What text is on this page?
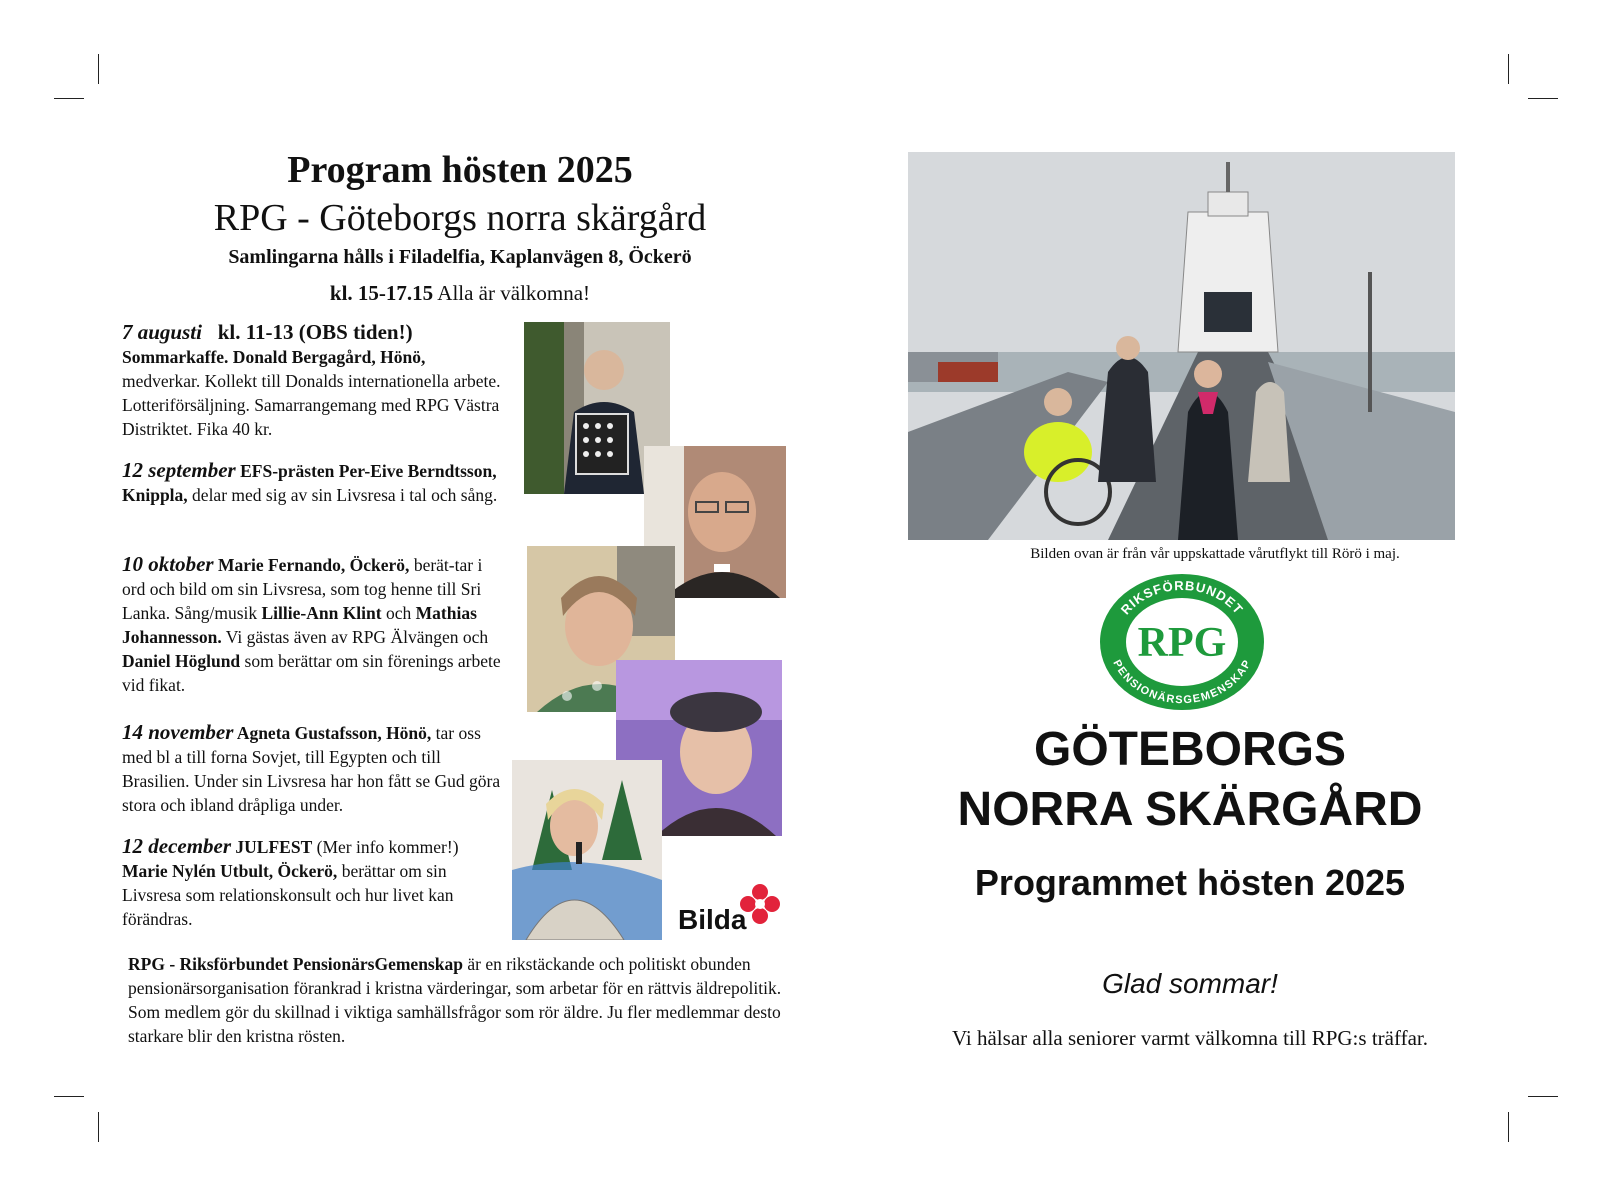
Program hösten 2025
RPG - Göteborgs norra skärgård
Samlingarna hålls i Filadelfia, Kaplanvägen 8, Öckerö
kl. 15-17.15 Alla är välkomna!
7 augusti   kl. 11-13 (OBS tiden!)
Sommarkaffe. Donald Bergagård, Hönö, medverkar. Kollekt till Donalds internationella arbete. Lotteriförsäljning. Samarrangemang med RPG Västra Distriktet. Fika 40 kr.
12 september EFS-prästen Per-Eive Berndtsson, Knippla, delar med sig av sin Livsresa i tal och sång.
10 oktober Marie Fernando, Öckerö, berät-tar i ord och bild om sin Livsresa, som tog henne till Sri Lanka. Sång/musik Lillie-Ann Klint och Mathias Johannesson. Vi gästas även av RPG Älvängen och Daniel Höglund som berättar om sin förenings arbete vid fikat.
14 november Agneta Gustafsson, Hönö, tar oss med bl a till forna Sovjet, till Egypten och till Brasilien. Under sin Livsresa har hon fått se Gud göra stora och ibland dråpliga under.
12 december JULFEST (Mer info kommer!) Marie Nylén Utbult, Öckerö, berättar om sin Livsresa som relationskonsult och hur livet kan förändras.	Bilda
RPG - Riksförbundet PensionärsGemenskap är en rikstäckande och politiskt obunden pensionärsorganisation förankrad i kristna värderingar, som arbetar för en rättvis äldrepolitik. Som medlem gör du skillnad i viktiga samhällsfrågor som rör äldre. Ju fler medlemmar desto starkare blir den kristna rösten.
Bilden ovan är från vår uppskattade vårutflykt till Rörö i maj.
RIKSFÖRBUNDET
PENSIONÄRSGEMENSKAP
RPG
GÖTEBORGS
NORRA SKÄRGÅRD
Programmet hösten 2025
Glad sommar!
Vi hälsar alla seniorer varmt välkomna till RPG:s träffar.
